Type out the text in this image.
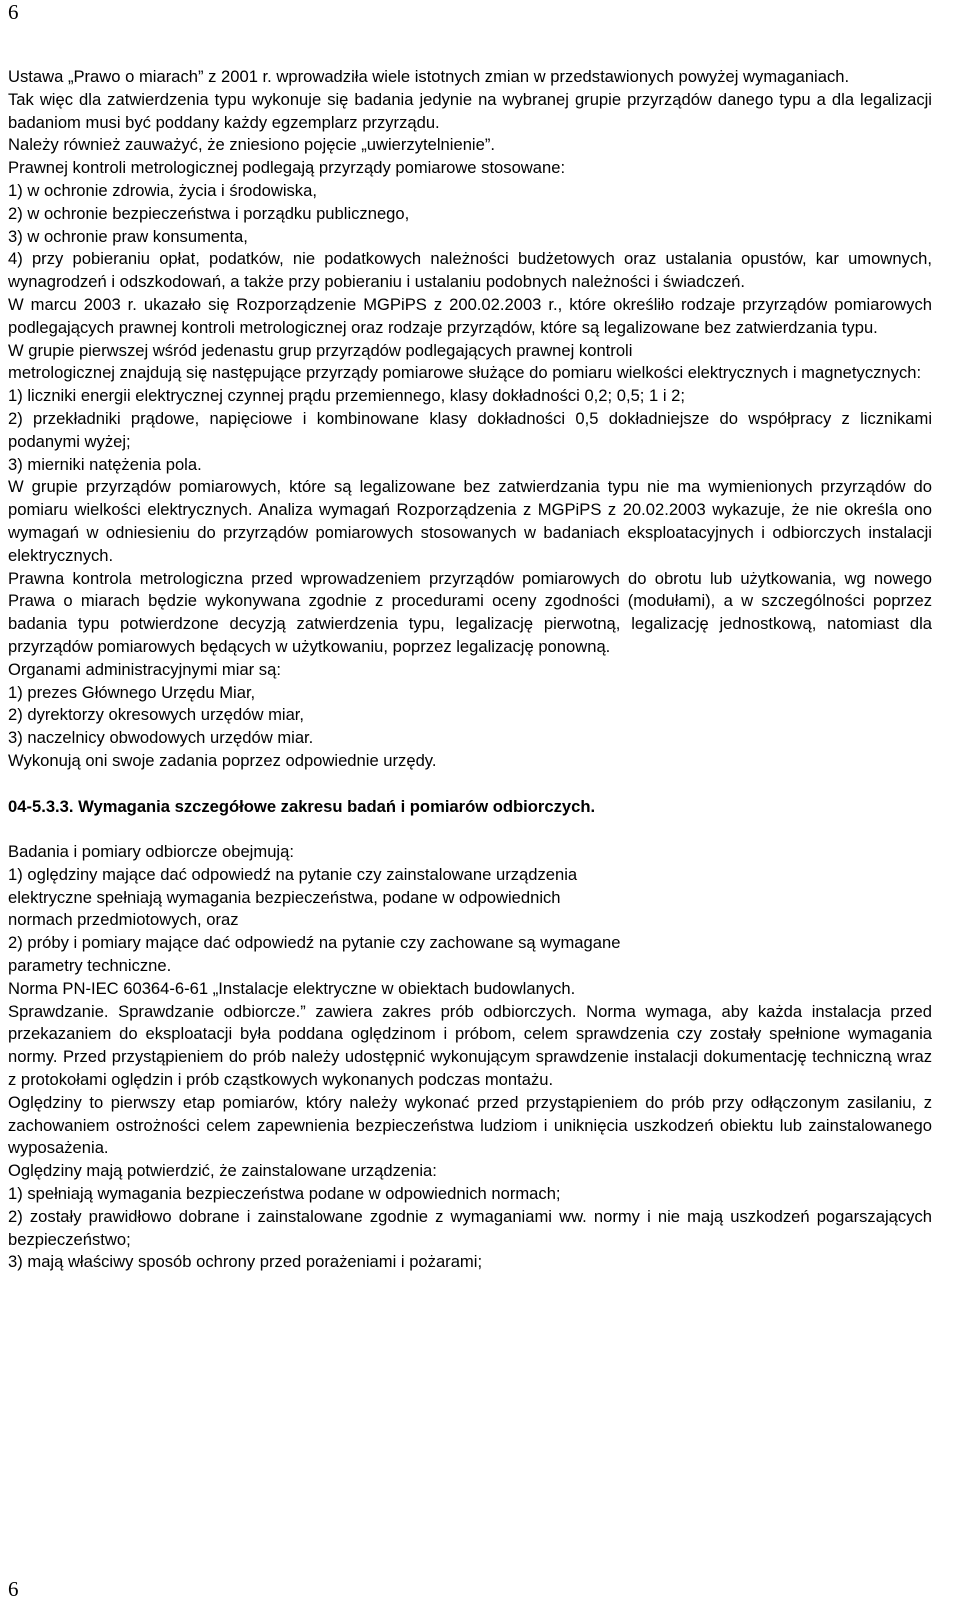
6

Ustawa „Prawo o miarach” z 2001 r. wprowadziła wiele istotnych zmian w przedstawionych powyżej wymaganiach.

Tak więc dla zatwierdzenia typu wykonuje się badania jedynie na wybranej grupie przyrządów danego typu a dla legalizacji badaniom musi być poddany każdy egzemplarz przyrządu.

Należy również zauważyć, że zniesiono pojęcie „uwierzytelnienie”.

Prawnej kontroli metrologicznej podlegają przyrządy pomiarowe stosowane:

1) w ochronie zdrowia, życia i środowiska,

2) w ochronie bezpieczeństwa i porządku publicznego,

3) w ochronie praw konsumenta,

4) przy pobieraniu opłat, podatków, nie podatkowych należności budżetowych oraz ustalania opustów, kar umownych, wynagrodzeń i odszkodowań, a także przy pobieraniu i ustalaniu podobnych należności i świadczeń.

W marcu 2003 r. ukazało się Rozporządzenie MGPiPS z 200.02.2003 r., które określiło rodzaje przyrządów pomiarowych podlegających prawnej kontroli metrologicznej oraz rodzaje przyrządów, które są legalizowane bez zatwierdzania typu.

W grupie pierwszej wśród jedenastu grup przyrządów podlegających prawnej kontroli

metrologicznej znajdują się następujące przyrządy pomiarowe służące do pomiaru wielkości elektrycznych i magnetycznych:

1) liczniki energii elektrycznej czynnej prądu przemiennego, klasy dokładności 0,2; 0,5; 1 i 2;

2) przekładniki prądowe, napięciowe i kombinowane klasy dokładności 0,5 dokładniejsze do współpracy z licznikami podanymi wyżej;

3) mierniki natężenia pola.

W grupie przyrządów pomiarowych, które są legalizowane bez zatwierdzania typu nie ma wymienionych przyrządów do pomiaru wielkości elektrycznych. Analiza wymagań Rozporządzenia z MGPiPS z 20.02.2003 wykazuje, że nie określa ono wymagań w odniesieniu do przyrządów pomiarowych stosowanych w badaniach eksploatacyjnych i odbiorczych instalacji elektrycznych.

Prawna kontrola metrologiczna przed wprowadzeniem przyrządów pomiarowych do obrotu lub użytkowania, wg nowego Prawa o miarach będzie wykonywana zgodnie z procedurami oceny zgodności (modułami), a w szczególności poprzez badania typu potwierdzone decyzją zatwierdzenia typu, legalizację pierwotną, legalizację jednostkową, natomiast dla przyrządów pomiarowych będących w użytkowaniu, poprzez legalizację ponowną.

Organami administracyjnymi miar są:

1) prezes Głównego Urzędu Miar,

2) dyrektorzy okresowych urzędów miar,

3) naczelnicy obwodowych urzędów miar.

Wykonują oni swoje zadania poprzez odpowiednie urzędy.

04-5.3.3. Wymagania szczegółowe zakresu badań i pomiarów odbiorczych.

Badania i pomiary odbiorcze obejmują:

1) oględziny mające dać odpowiedź na pytanie czy zainstalowane urządzenia

elektryczne spełniają wymagania bezpieczeństwa, podane w odpowiednich

normach przedmiotowych, oraz

2) próby i pomiary mające dać odpowiedź na pytanie czy zachowane są wymagane

parametry techniczne.

Norma PN-IEC 60364-6-61 „Instalacje elektryczne w obiektach budowlanych.

Sprawdzanie. Sprawdzanie odbiorcze.” zawiera zakres prób odbiorczych. Norma wymaga, aby każda instalacja przed przekazaniem do eksploatacji była poddana oględzinom i próbom, celem sprawdzenia czy zostały spełnione wymagania normy. Przed przystąpieniem do prób należy udostępnić wykonującym sprawdzenie instalacji dokumentację techniczną wraz z protokołami oględzin i prób cząstkowych wykonanych podczas montażu.

Oględziny to pierwszy etap pomiarów, który należy wykonać przed przystąpieniem do prób przy odłączonym zasilaniu, z zachowaniem ostrożności celem zapewnienia bezpieczeństwa ludziom i uniknięcia uszkodzeń obiektu lub zainstalowanego wyposażenia.

Oględziny mają potwierdzić, że zainstalowane urządzenia:

1) spełniają wymagania bezpieczeństwa podane w odpowiednich normach;

2) zostały prawidłowo dobrane i zainstalowane zgodnie z wymaganiami ww. normy i nie mają uszkodzeń pogarszających bezpieczeństwo;

3) mają właściwy sposób ochrony przed porażeniami i pożarami;

6
